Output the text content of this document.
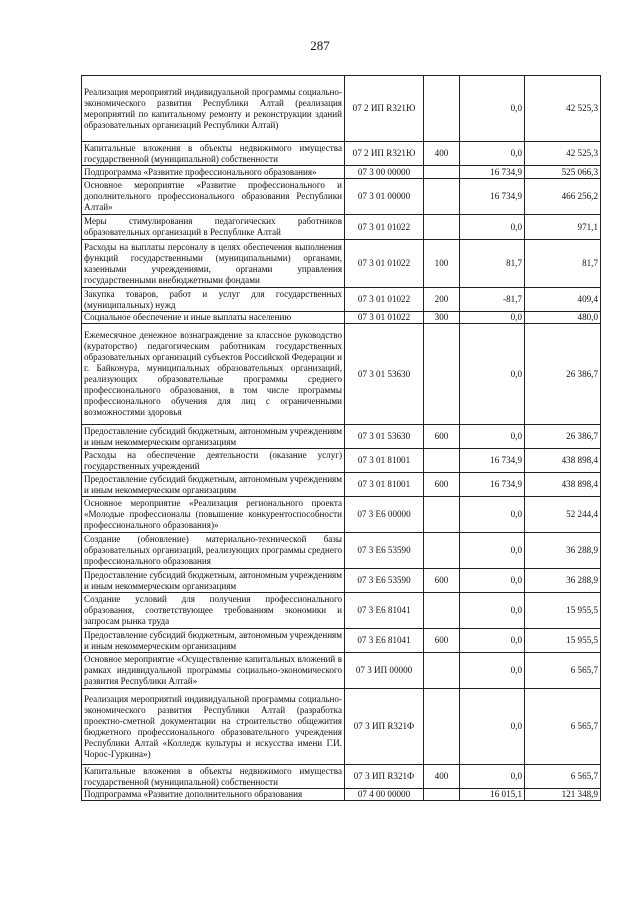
287
Реализация мероприятий индивидуальной программы социально-экономического развития Республики Алтай (реализация мероприятий по капитальному ремонту и реконструкции зданий образовательных организаций Республики Алтай)	07 2 ИП R321Ю		0,0	42 525,3
Капитальные вложения в объекты недвижимого имущества государственной (муниципальной) собственности	07 2 ИП R321Ю	400	0,0	42 525,3
Подпрограмма «Развитие профессионального образования»	07 3 00 00000		16 734,9	525 066,3
Основное мероприятие «Развитие профессионального и дополнительного профессионального образования Республики Алтай»	07 3 01 00000		16 734,9	466 256,2
Меры стимулирования педагогических работников образовательных организаций в Республике Алтай	07 3 01 01022		0,0	971,1
Расходы на выплаты персоналу в целях обеспечения выполнения функций государственными (муниципальными) органами, казенными учреждениями, органами управления государственными внебюджетными фондами	07 3 01 01022	100	81,7	81,7
Закупка товаров, работ и услуг для государственных (муниципальных) нужд	07 3 01 01022	200	-81,7	409,4
Социальное обеспечение и иные выплаты населению	07 3 01 01022	300	0,0	480,0
Ежемесячное денежное вознаграждение за классное руководство (кураторство) педагогическим работникам государственных образовательных организаций субъектов Российской Федерации и г. Байконура, муниципальных образовательных организаций, реализующих образовательные программы среднего профессионального образования, в том числе программы профессионального обучения для лиц с ограниченными возможностями здоровья	07 3 01 53630		0,0	26 386,7
Предоставление субсидий бюджетным, автономным учреждениям и иным некоммерческим организациям	07 3 01 53630	600	0,0	26 386,7
Расходы на обеспечение деятельности (оказание услуг) государственных учреждений	07 3 01 81001		16 734,9	438 898,4
Предоставление субсидий бюджетным, автономным учреждениям и иным некоммерческим организациям	07 3 01 81001	600	16 734,9	438 898,4
Основное мероприятие «Реализация регионального проекта «Молодые профессионалы (повышение конкурентоспособности профессионального образования)»	07 3 Е6 00000		0,0	52 244,4
Создание (обновление) материально-технической базы образовательных организаций, реализующих программы среднего профессионального образования	07 3 Е6 53590		0,0	36 288,9
Предоставление субсидий бюджетным, автономным учреждениям и иным некоммерческим организациям	07 3 Е6 53590	600	0,0	36 288,9
Создание условий для получения профессионального образования, соответствующее требованиям экономики и запросам рынка труда	07 3 Е6 81041		0,0	15 955,5
Предоставление субсидий бюджетным, автономным учреждениям и иным некоммерческим организациям	07 3 Е6 81041	600	0,0	15 955,5
Основное мероприятие «Осуществление капитальных вложений в рамках индивидуальной программы социально-экономического развития Республики Алтай»	07 3 ИП 00000		0,0	6 565,7
Реализация мероприятий индивидуальной программы социально-экономического развития Республики Алтай (разработка проектно-сметной документации на строительство общежития бюджетного профессионального образовательного учреждения Республики Алтай «Колледж культуры и искусства имени Г.И. Чорос-Гуркина»)	07 3 ИП R321Ф		0,0	6 565,7
Капитальные вложения в объекты недвижимого имущества государственной (муниципальной) собственности	07 3 ИП R321Ф	400	0,0	6 565,7
Подпрограмма «Развитие дополнительного образования	07 4 00 00000		16 015,1	121 348,9
